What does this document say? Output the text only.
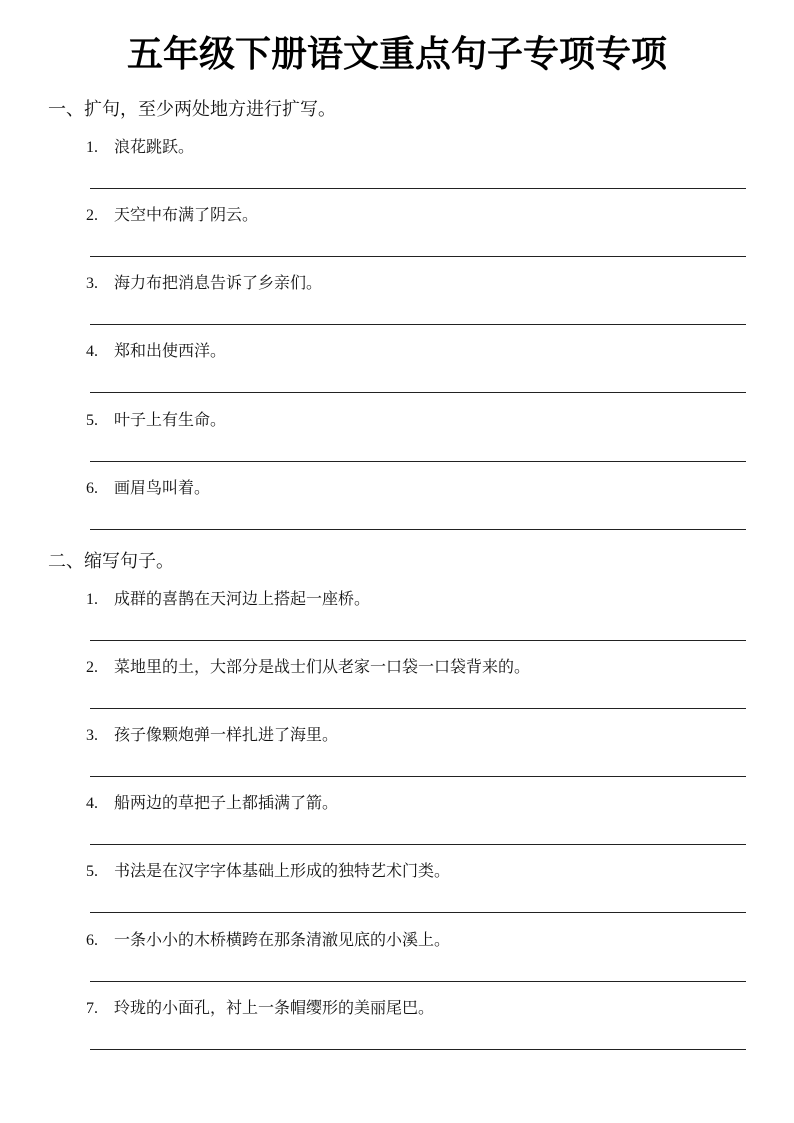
五年级下册语文重点句子专项专项
一、扩句，至少两处地方进行扩写。
1. 浪花跳跃。
2. 天空中布满了阴云。
3. 海力布把消息告诉了乡亲们。
4. 郑和出使西洋。
5. 叶子上有生命。
6. 画眉鸟叫着。
二、缩写句子。
1. 成群的喜鹊在天河边上搭起一座桥。
2. 菜地里的土，大部分是战士们从老家一口袋一口袋背来的。
3. 孩子像颗炮弹一样扎进了海里。
4. 船两边的草把子上都插满了箭。
5. 书法是在汉字字体基础上形成的独特艺术门类。
6. 一条小小的木桥横跨在那条清澈见底的小溪上。
7. 玲珑的小面孔，衬上一条帽缨形的美丽尾巴。
